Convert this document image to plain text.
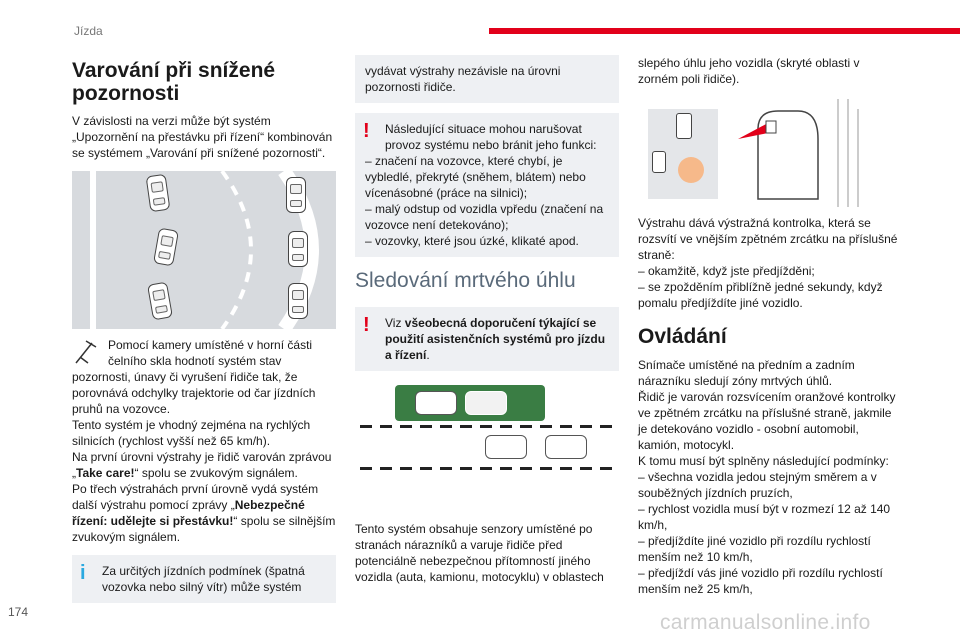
Jízda
Varování při snížené pozornosti

V závislosti na verzi může být systém „Upozornění na přestávku při řízení“ kombinován se systémem „Varování při snížené pozornosti“.

Pomocí kamery umístěné v horní části čelního skla hodnotí systém stav pozornosti, únavy či vyrušení řidiče tak, že porovnává odchylky trajektorie od čar jízdních pruhů na vozovce.

Tento systém je vhodný zejména na rychlých silnicích (rychlost vyšší než 65 km/h).

Na první úrovni výstrahy je řidič varován zprávou „Take care!“ spolu se zvukovým signálem.

Po třech výstrahách první úrovně vydá systém další výstrahu pomocí zprávy „Nebezpečné řízení: udělejte si přestávku!“ spolu se silnějším zvukovým signálem.

i	Za určitých jízdních podmínek (špatná vozovka nebo silný vítr) může systém
vydávat výstrahy nezávisle na úrovni pozornosti řidiče.
!	Následující situace mohou narušovat provoz systému nebo bránit jeho funkci:
– značení na vozovce, které chybí, je vybledlé, překryté (sněhem, blátem) nebo vícenásobné (práce na silnici);
– malý odstup od vozidla vpředu (značení na vozovce není detekováno);
– vozovky, které jsou úzké, klikaté apod.
Sledování mrtvého úhlu
!	Viz všeobecná doporučení týkající se použití asistenčních systémů pro jízdu a řízení.

Tento systém obsahuje senzory umístěné po stranách nárazníků a varuje řidiče před potenciálně nebezpečnou přítomností jiného vozidla (auta, kamionu, motocyklu) v oblastech

slepého úhlu jeho vozidla (skryté oblasti v zorném poli řidiče).

Výstrahu dává výstražná kontrolka, která se rozsvítí ve vnějším zpětném zrcátku na příslušné straně:

– okamžitě, když jste předjížděni;

– se zpožděním přiblížně jedné sekundy, když pomalu předjíždíte jiné vozidlo.

Ovládání

Snímače umístěné na předním a zadním nárazníku sledují zóny mrtvých úhlů.

Řidič je varován rozsvícením oranžové kontrolky ve zpětném zrcátku na příslušné straně, jakmile je detekováno vozidlo - osobní automobil, kamión, motocykl.

K tomu musí být splněny následující podmínky:

– všechna vozidla jedou stejným směrem a v souběžných jízdních pruzích,

– rychlost vozidla musí být v rozmezí 12 až 140 km/h,

– předjíždíte jiné vozidlo při rozdílu rychlostí menším než 10 km/h,

– předjíždí vás jiné vozidlo při rozdílu rychlostí menším než 25 km/h,

174	carmanualsonline.info
